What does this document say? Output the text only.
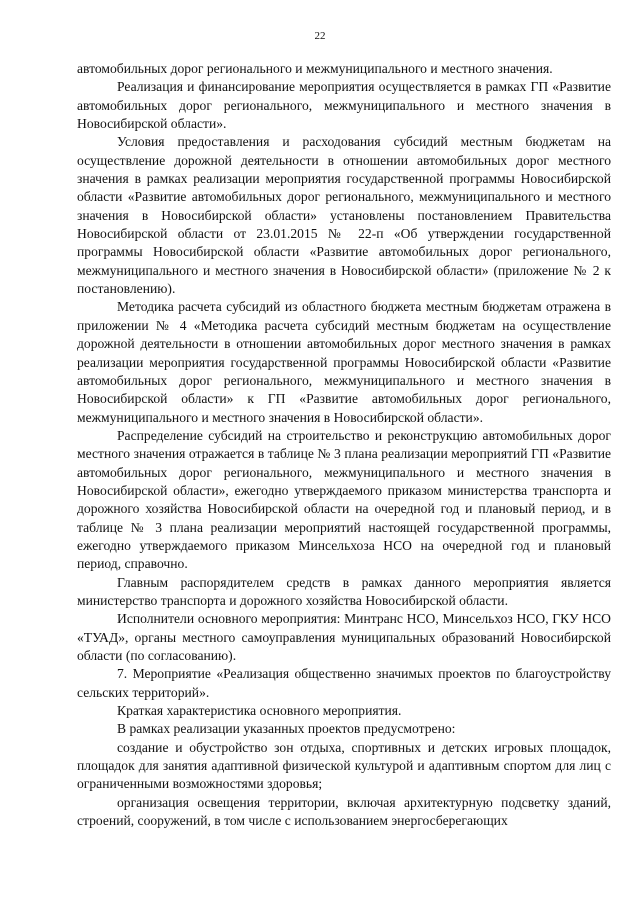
22

автомобильных дорог регионального и межмуниципального и местного значения.

Реализация и финансирование мероприятия осуществляется в рамках ГП «Развитие автомобильных дорог регионального, межмуниципального и местного значения в Новосибирской области».

Условия предоставления и расходования субсидий местным бюджетам на осуществление дорожной деятельности в отношении автомобильных дорог местного значения в рамках реализации мероприятия государственной программы Новосибирской области «Развитие автомобильных дорог регионального, межмуниципального и местного значения в Новосибирской области» установлены постановлением Правительства Новосибирской области от 23.01.2015 № 22-п «Об утверждении государственной программы Новосибирской области «Развитие автомобильных дорог регионального, межмуниципального и местного значения в Новосибирской области» (приложение № 2 к постановлению).

Методика расчета субсидий из областного бюджета местным бюджетам отражена в приложении № 4 «Методика расчета субсидий местным бюджетам на осуществление дорожной деятельности в отношении автомобильных дорог местного значения в рамках реализации мероприятия государственной программы Новосибирской области «Развитие автомобильных дорог регионального, межмуниципального и местного значения в Новосибирской области» к ГП «Развитие автомобильных дорог регионального, межмуниципального и местного значения в Новосибирской области».

Распределение субсидий на строительство и реконструкцию автомобильных дорог местного значения отражается в таблице № 3 плана реализации мероприятий ГП «Развитие автомобильных дорог регионального, межмуниципального и местного значения в Новосибирской области», ежегодно утверждаемого приказом министерства транспорта и дорожного хозяйства Новосибирской области на очередной год и плановый период, и в таблице № 3 плана реализации мероприятий настоящей государственной программы, ежегодно утверждаемого приказом Минсельхоза НСО на очередной год и плановый период, справочно.

Главным распорядителем средств в рамках данного мероприятия является министерство транспорта и дорожного хозяйства Новосибирской области.

Исполнители основного мероприятия: Минтранс НСО, Минсельхоз НСО, ГКУ НСО «ТУАД», органы местного самоуправления муниципальных образований Новосибирской области (по согласованию).

7. Мероприятие «Реализация общественно значимых проектов по благоустройству сельских территорий».

Краткая характеристика основного мероприятия.

В рамках реализации указанных проектов предусмотрено:

создание и обустройство зон отдыха, спортивных и детских игровых площадок, площадок для занятия адаптивной физической культурой и адаптивным спортом для лиц с ограниченными возможностями здоровья;

организация освещения территории, включая архитектурную подсветку зданий, строений, сооружений, в том числе с использованием энергосберегающих
